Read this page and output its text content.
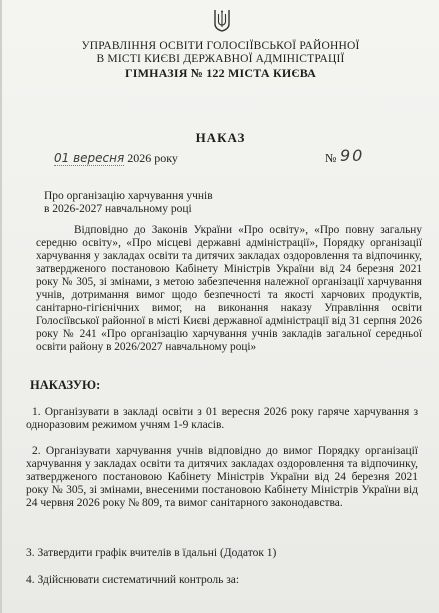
УПРАВЛІННЯ ОСВІТИ ГОЛОСІЇВСЬКОЇ РАЙОННОЇ
В МІСТІ КИЄВІ ДЕРЖАВНОЇ АДМІНІСТРАЦІЇ
ГІМНАЗІЯ № 122 МІСТА КИЄВА
НАКАЗ
01 вересня 2026 року	№ 90
Про організацію харчування учнів
в 2026-2027 навчальному році

Відповідно до Законів України «Про освіту», «Про повну загальну середню освіту», «Про місцеві державні адміністрації», Порядку організації харчування у закладах освіти та дитячих закладах оздоровлення та відпочинку, затвердженого постановою Кабінету Міністрів України від 24 березня 2021 року № 305, зі змінами, з метою забезпечення належної організації харчування учнів, дотримання вимог щодо безпечності та якості харчових продуктів, санітарно-гігієнічних вимог, на виконання наказу Управління освіти Голосіївської районної в місті Києві державної адміністрації від 31 серпня 2026 року № 241 «Про організацію харчування учнів закладів загальної середньої освіти району в 2026/2027 навчальному році»

НАКАЗУЮ:

1. Організувати в закладі освіти з 01 вересня 2026 року гаряче харчування з одноразовим режимом учням 1-9 класів.

2. Організувати харчування учнів відповідно до вимог Порядку організації харчування у закладах освіти та дитячих закладах оздоровлення та відпочинку, затвердженого постановою Кабінету Міністрів України від 24 березня 2021 року № 305, зі змінами, внесеними постановою Кабінету Міністрів України від 24 червня 2026 року № 809, та вимог санітарного законодавства.

3. Затвердити графік вчителів в їдальні (Додаток 1)

4. Здійснювати систематичний контроль за:
